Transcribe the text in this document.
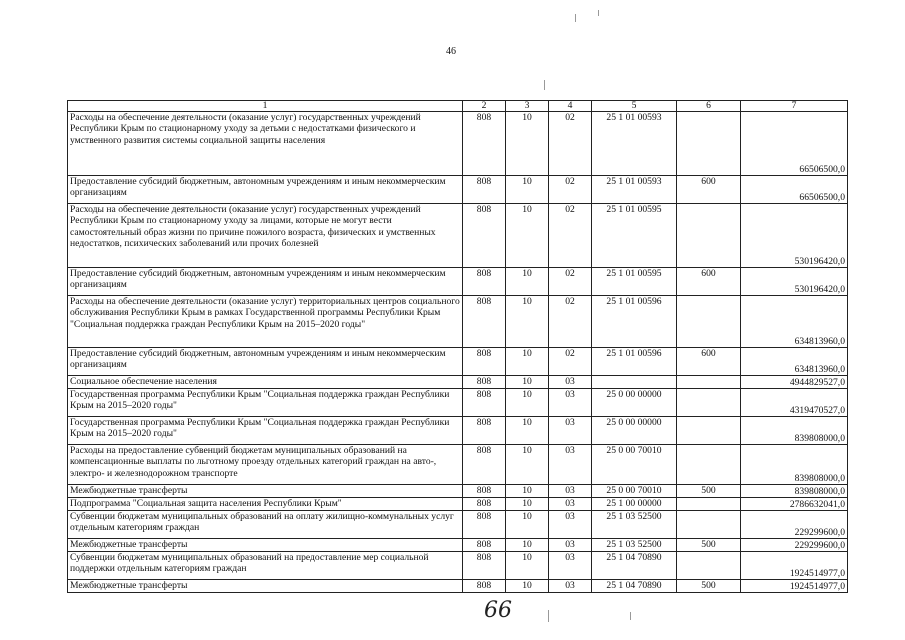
46
1	2	3	4	5	6	7
Расходы на обеспечение деятельности (оказание услуг) государственных учреждений Республики Крым по стационарному уходу за детьми с недостатками физического и умственного развития системы социальной защиты населения	808	10	02	25 1 01 00593		66506500,0
Предоставление субсидий бюджетным, автономным учреждениям и иным некоммерческим организациям	808	10	02	25 1 01 00593	600	66506500,0
Расходы на обеспечение деятельности (оказание услуг) государственных учреждений Республики Крым по стационарному уходу за лицами, которые не могут вести самостоятельный образ жизни по причине пожилого возраста, физических и умственных недостатков, психических заболеваний или прочих болезней	808	10	02	25 1 01 00595		530196420,0
Предоставление субсидий бюджетным, автономным учреждениям и иным некоммерческим организациям	808	10	02	25 1 01 00595	600	530196420,0
Расходы на обеспечение деятельности (оказание услуг) территориальных центров социального обслуживания Республики Крым в рамках Государственной программы Республики Крым "Социальная поддержка граждан Республики Крым на 2015–2020 годы"	808	10	02	25 1 01 00596		634813960,0
Предоставление субсидий бюджетным, автономным учреждениям и иным некоммерческим организациям	808	10	02	25 1 01 00596	600	634813960,0
Социальное обеспечение населения	808	10	03			4944829527,0
Государственная программа Республики Крым "Социальная поддержка граждан Республики Крым на 2015–2020 годы"	808	10	03	25 0 00 00000		4319470527,0
Государственная программа Республики Крым "Социальная поддержка граждан Республики Крым на 2015–2020 годы"	808	10	03	25 0 00 00000		839808000,0
Расходы на предоставление субвенций бюджетам муниципальных образований на компенсационные выплаты по льготному проезду отдельных категорий граждан на авто-, электро- и железнодорожном транспорте	808	10	03	25 0 00 70010		839808000,0
Межбюджетные трансферты	808	10	03	25 0 00 70010	500	839808000,0
Подпрограмма "Социальная защита населения Республики Крым"	808	10	03	25 1 00 00000		2786632041,0
Субвенции бюджетам муниципальных образований на оплату жилищно-коммунальных услуг отдельным категориям граждан	808	10	03	25 1 03 52500		229299600,0
Межбюджетные трансферты	808	10	03	25 1 03 52500	500	229299600,0
Субвенции бюджетам муниципальных образований на предоставление мер социальной поддержки отдельным категориям граждан	808	10	03	25 1 04 70890		1924514977,0
Межбюджетные трансферты	808	10	03	25 1 04 70890	500	1924514977,0
66
